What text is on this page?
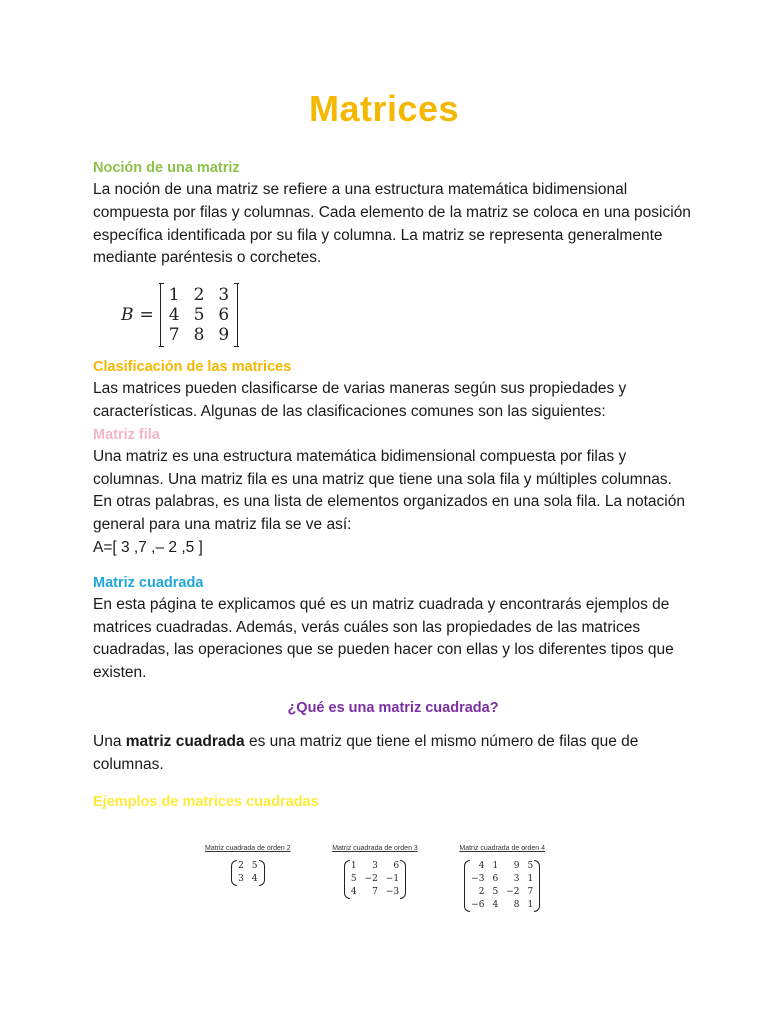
Matrices
Noción de una matriz

La noción de una matriz se refiere a una estructura matemática bidimensional compuesta por filas y columnas. Cada elemento de la matriz se coloca en una posición específica identificada por su fila y columna. La matriz se representa generalmente mediante paréntesis o corchetes.

B =
1 2 3
4 5 6
7 8 9
Clasificación de las matrices

Las matrices pueden clasificarse de varias maneras según sus propiedades y características. Algunas de las clasificaciones comunes son las siguientes:

Matriz fila

Una matriz es una estructura matemática bidimensional compuesta por filas y columnas. Una matriz fila es una matriz que tiene una sola fila y múltiples columnas. En otras palabras, es una lista de elementos organizados en una sola fila. La notación general para una matriz fila se ve así:

A=[ 3 ,7 ,– 2 ,5 ]

Matriz cuadrada

En esta página te explicamos qué es un matriz cuadrada y encontrarás ejemplos de matrices cuadradas. Además, verás cuáles son las propiedades de las matrices cuadradas, las operaciones que se pueden hacer con ellas y los diferentes tipos que existen.

¿Qué es una matriz cuadrada?

Una matriz cuadrada es una matriz que tiene el mismo número de filas que de columnas.

Ejemplos de matrices cuadradas
Matriz cuadrada de orden 2
2 5
3 4
Matriz cuadrada de orden 3
1	3	6
5 −2 −1
4	7 −3
Matriz cuadrada de orden 4
4 1	9 5
−3 6	3 1
2 5 −2 7
−6 4	8 1
